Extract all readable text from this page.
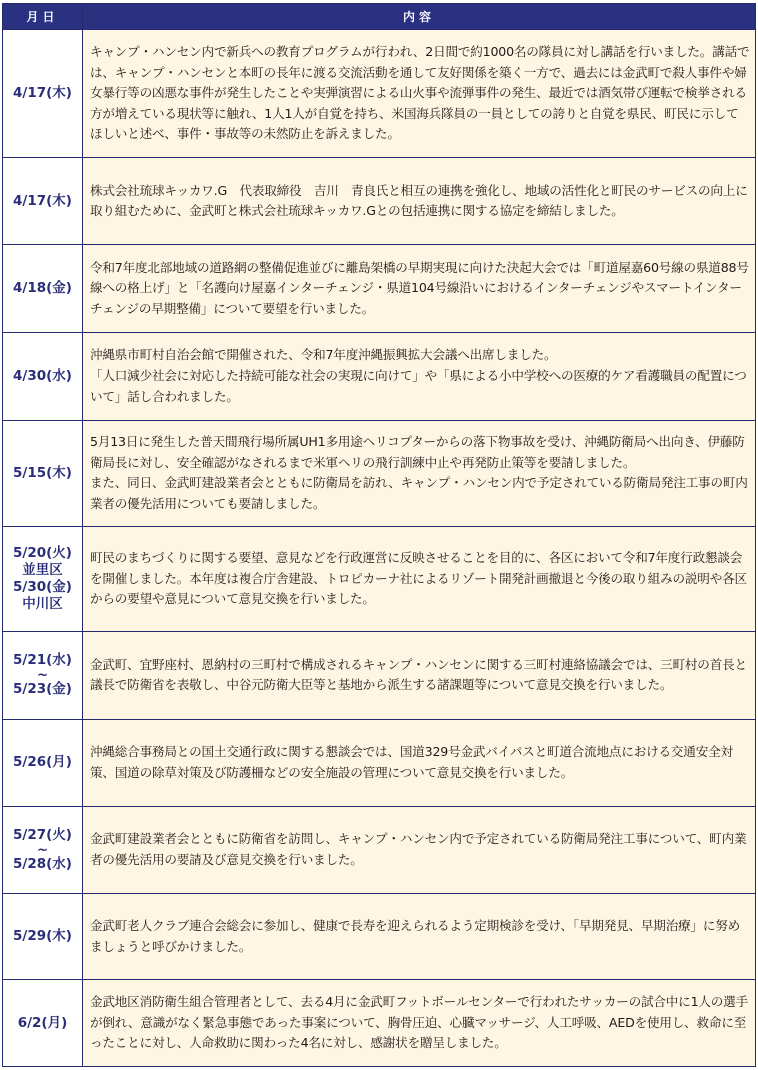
月日	内容
4/17(木)	キャンプ・ハンセン内で新兵への教育プログラムが行われ、2日間で約1000名の隊員に対し講話を行いました。講話では、キャンプ・ハンセンと本町の長年に渡る交流活動を通して友好関係を築く一方で、過去には金武町で殺人事件や婦女暴行等の凶悪な事件が発生したことや実弾演習による山火事や流弾事件の発生、最近では酒気帯び運転で検挙される方が増えている現状等に触れ、1人1人が自覚を持ち、米国海兵隊員の一員としての誇りと自覚を県民、町民に示してほしいと述べ、事件・事故等の未然防止を訴えました。

4/17(木)	株式会社琉球キッカワ.G　代表取締役　吉川　青良氏と相互の連携を強化し、地域の活性化と町民のサービスの向上に取り組むために、金武町と株式会社琉球キッカワ.Gとの包括連携に関する協定を締結しました。

4/18(金)	令和7年度北部地域の道路網の整備促進並びに離島架橋の早期実現に向けた決起大会では「町道屋嘉60号線の県道88号線への格上げ」と「名護向け屋嘉インターチェンジ・県道104号線沿いにおけるインターチェンジやスマートインターチェンジの早期整備」について要望を行いました。

4/30(水)	沖縄県市町村自治会館で開催された、令和7年度沖縄振興拡大会議へ出席しました。

「人口減少社会に対応した持続可能な社会の実現に向けて」や「県による小中学校への医療的ケア看護職員の配置について」話し合われました。

5/15(木)	5月13日に発生した普天間飛行場所属UH1多用途ヘリコプターからの落下物事故を受け、沖縄防衛局へ出向き、伊藤防衛局長に対し、安全確認がなされるまで米軍ヘリの飛行訓練中止や再発防止策等を要請しました。

また、同日、金武町建設業者会とともに防衛局を訪れ、キャンプ・ハンセン内で予定されている防衛局発注工事の町内業者の優先活用についても要請しました。

5/20(火)
並里区
5/30(金)
中川区	町民のまちづくりに関する要望、意見などを行政運営に反映させることを目的に、各区において令和7年度行政懇談会を開催しました。本年度は複合庁舎建設、トロピカーナ社によるリゾート開発計画撤退と今後の取り組みの説明や各区からの要望や意見について意見交換を行いました。

5/21(水)
~
5/23(金)	金武町、宜野座村、恩納村の三町村で構成されるキャンプ・ハンセンに関する三町村連絡協議会では、三町村の首長と議長で防衛省を表敬し、中谷元防衛大臣等と基地から派生する諸課題等について意見交換を行いました。

5/26(月)	沖縄総合事務局との国土交通行政に関する懇談会では、国道329号金武バイパスと町道合流地点における交通安全対策、国道の除草対策及び防護柵などの安全施設の管理について意見交換を行いました。

5/27(火)
~
5/28(水)	金武町建設業者会とともに防衛省を訪問し、キャンプ・ハンセン内で予定されている防衛局発注工事について、町内業者の優先活用の要請及び意見交換を行いました。

5/29(木)	金武町老人クラブ連合会総会に参加し、健康で長寿を迎えられるよう定期検診を受け、「早期発見、早期治療」に努めましょうと呼びかけました。

6/2(月)	金武地区消防衛生組合管理者として、去る4月に金武町フットボールセンターで行われたサッカーの試合中に1人の選手が倒れ、意識がなく緊急事態であった事案について、胸骨圧迫、心臓マッサージ、人工呼吸、AEDを使用し、救命に至ったことに対し、人命救助に関わった4名に対し、感謝状を贈呈しました。
